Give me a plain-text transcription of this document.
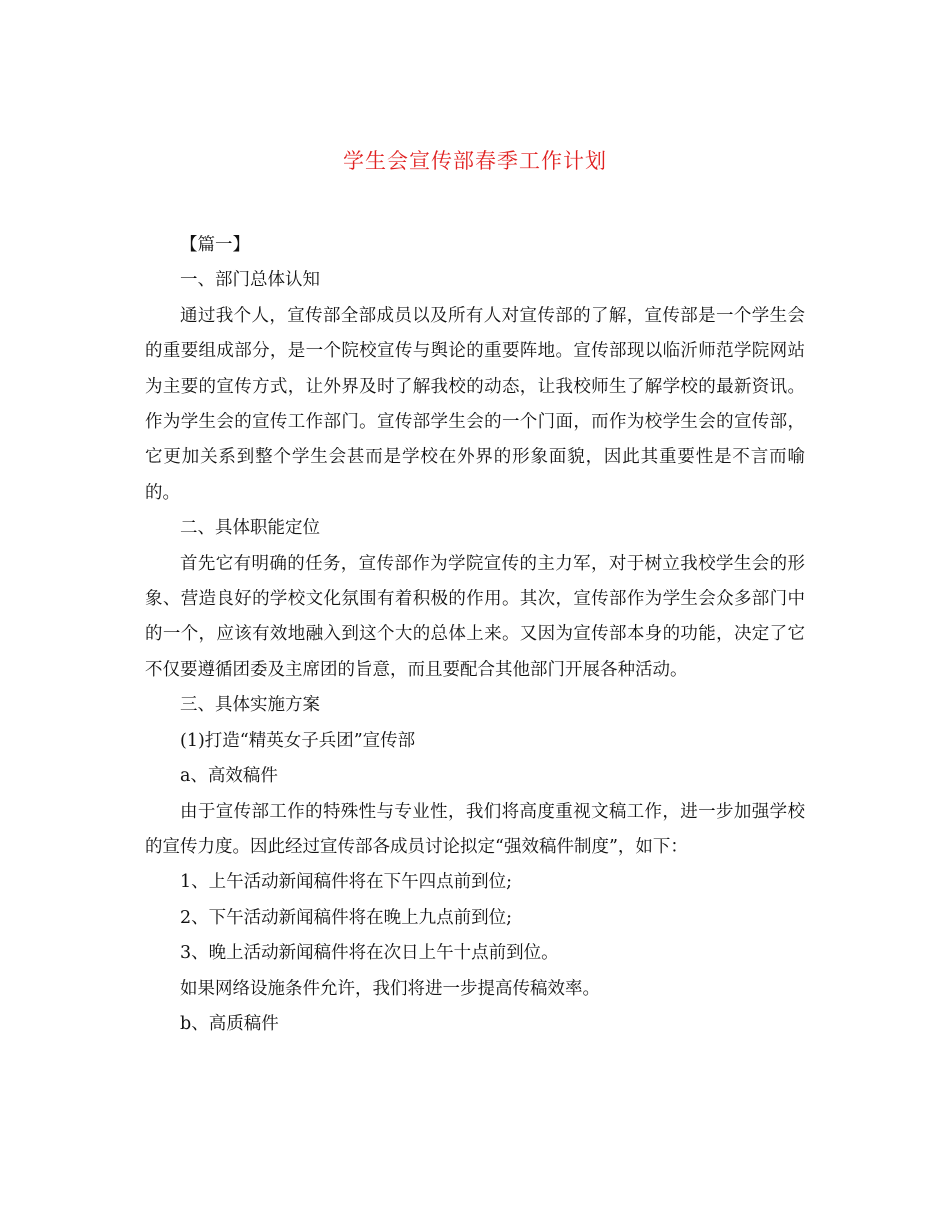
学生会宣传部春季工作计划

【篇一】

一、部门总体认知

通过我个人，宣传部全部成员以及所有人对宣传部的了解，宣传部是一个学生会的重要组成部分，是一个院校宣传与舆论的重要阵地。宣传部现以临沂师范学院网站为主要的宣传方式，让外界及时了解我校的动态，让我校师生了解学校的最新资讯。作为学生会的宣传工作部门。宣传部学生会的一个门面，而作为校学生会的宣传部，它更加关系到整个学生会甚而是学校在外界的形象面貌，因此其重要性是不言而喻的。

二、具体职能定位

首先它有明确的任务，宣传部作为学院宣传的主力军，对于树立我校学生会的形象、营造良好的学校文化氛围有着积极的作用。其次，宣传部作为学生会众多部门中的一个，应该有效地融入到这个大的总体上来。又因为宣传部本身的功能，决定了它不仅要遵循团委及主席团的旨意，而且要配合其他部门开展各种活动。

三、具体实施方案

(1)打造“精英女子兵团”宣传部

a、高效稿件

由于宣传部工作的特殊性与专业性，我们将高度重视文稿工作，进一步加强学校的宣传力度。因此经过宣传部各成员讨论拟定“强效稿件制度”，如下：

1、上午活动新闻稿件将在下午四点前到位;

2、下午活动新闻稿件将在晚上九点前到位;

3、晚上活动新闻稿件将在次日上午十点前到位。

如果网络设施条件允许，我们将进一步提高传稿效率。

b、高质稿件
